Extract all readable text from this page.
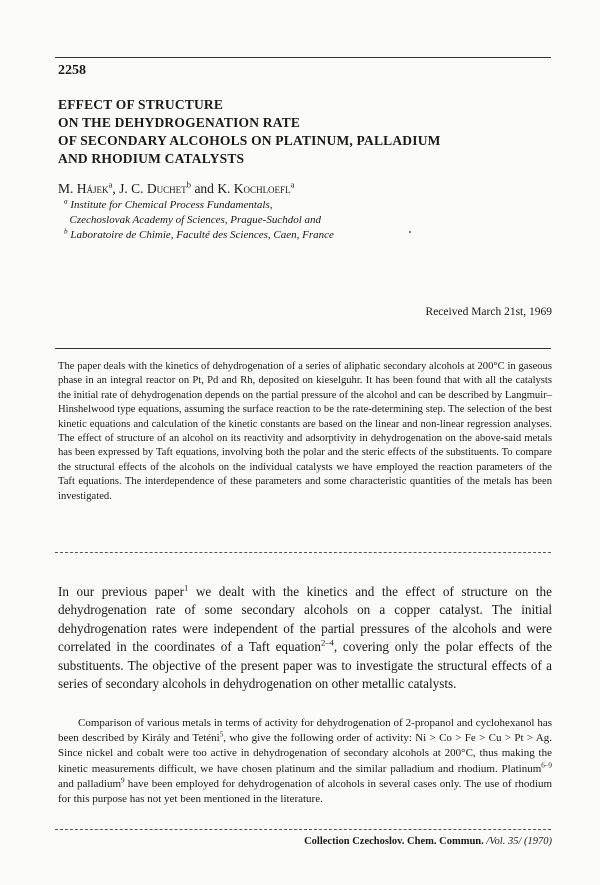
2258
EFFECT OF STRUCTURE
ON THE DEHYDROGENATION RATE
OF SECONDARY ALCOHOLS ON PLATINUM, PALLADIUM
AND RHODIUM CATALYSTS
M. Hájek$^a$, J. C. Duchet$^b$ and K. Kochloefl$^a$
$^a$ Institute for Chemical Process Fundamentals,
Czechoslovak Academy of Sciences, Prague-Suchdol and
$^b$ Laboratoire de Chimie, Faculté des Sciences, Caen, France
Received March 21st, 1969
The paper deals with the kinetics of dehydrogenation of a series of aliphatic secondary alcohols at 200°C in gaseous phase in an integral reactor on Pt, Pd and Rh, deposited on kieselguhr. It has been found that with all the catalysts the initial rate of dehydrogenation depends on the partial pressure of the alcohol and can be described by Langmuir–Hinshelwood type equations, assuming the surface reaction to be the rate-determining step. The selection of the best kinetic equations and calculation of the kinetic constants are based on the linear and non-linear regression analyses. The effect of structure of an alcohol on its reactivity and adsorptivity in dehydrogenation on the above-said metals has been expressed by Taft equations, involving both the polar and the steric effects of the substituents. To compare the structural effects of the alcohols on the individual catalysts we have employed the reaction parameters of the Taft equations. The interdependence of these parameters and some characteristic quantities of the metals has been investigated.

In our previous paper$^1$ we dealt with the kinetics and the effect of structure on the dehydrogenation rate of some secondary alcohols on a copper catalyst. The initial dehydrogenation rates were independent of the partial pressures of the alcohols and were correlated in the coordinates of a Taft equation$^{2-4}$, covering only the polar effects of the substituents. The objective of the present paper was to investigate the structural effects of a series of secondary alcohols in dehydrogenation on other metallic catalysts.

Comparison of various metals in terms of activity for dehydrogenation of 2-propanol and cyclohexanol has been described by Király and Teténi$^5$, who give the following order of activity: Ni > Co > Fe > Cu > Pt > Ag. Since nickel and cobalt were too active in dehydrogenation of secondary alcohols at 200°C, thus making the kinetic measurements difficult, we have chosen platinum and the similar palladium and rhodium. Platinum$^{6-9}$ and palladium$^9$ have been employed for dehydrogenation of alcohols in several cases only. The use of rhodium for this purpose has not yet been mentioned in the literature.

Collection Czechoslov. Chem. Commun. /Vol. 35/ (1970)
